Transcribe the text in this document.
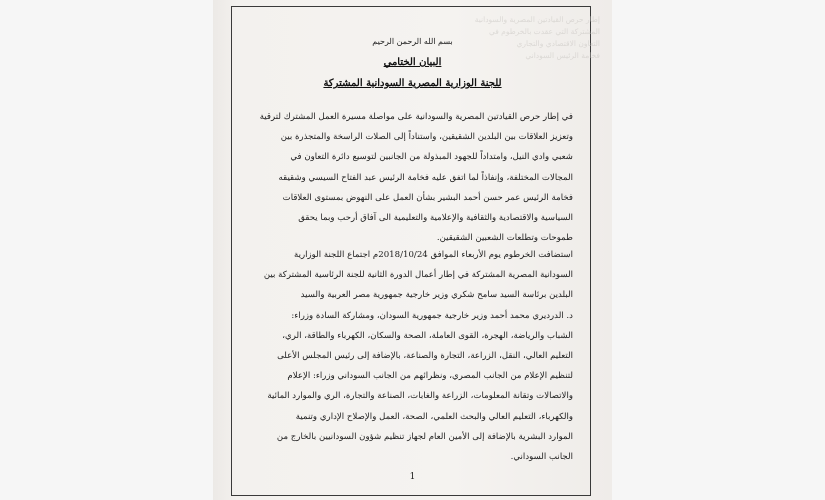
إطار حرص القيادتين المصرية والسودانية
المشتركة التي عقدت بالخرطوم في
التعاون الاقتصادي والتجاري
فخامة الرئيس السوداني
بسم الله الرحمن الرحيم
البيان الختامي
للجنة الوزارية المصرية السودانية المشتركة
في إطار حرص القيادتين المصرية والسودانية على مواصلة مسيرة العمل المشترك لترقية
وتعزيز العلاقات بين البلدين الشقيقين، واستناداً إلى الصلات الراسخة والمتجذرة بين
شعبي وادي النيل، وامتداداً للجهود المبذولة من الجانبين لتوسيع دائرة التعاون في
المجالات المختلفة، وإنفاذاً لما اتفق عليه فخامة الرئيس عبد الفتاح السيسي وشقيقه
فخامة الرئيس عمر حسن أحمد البشير بشأن العمل على النهوض بمستوى العلاقات
السياسية والاقتصادية والثقافية والإعلامية والتعليمية الى آفاق أرحب وبما يحقق
طموحات وتطلعات الشعبين الشقيقين.
استضافت الخرطوم يوم الأربعاء الموافق 2018/10/24م اجتماع اللجنة الوزارية
السودانية المصرية المشتركة في إطار أعمال الدورة الثانية للجنة الرئاسية المشتركة بين
البلدين برئاسة السيد سامح شكري وزير خارجية جمهورية مصر العربية والسيد
د. الدرديري محمد أحمد وزير خارجية جمهورية السودان، ومشاركة السادة وزراء:
الشباب والرياضة، الهجرة، القوى العاملة، الصحة والسكان، الكهرباء والطاقة، الري،
التعليم العالي، النقل، الزراعة، التجارة والصناعة، بالإضافة إلى رئيس المجلس الأعلى
لتنظيم الإعلام من الجانب المصري، ونظرائهم من الجانب السوداني وزراء: الإعلام
والاتصالات وتقانة المعلومات، الزراعة والغابات، الصناعة والتجارة، الري والموارد المائية
والكهرباء، التعليم العالي والبحث العلمي، الصحة، العمل والإصلاح الإداري وتنمية
الموارد البشرية بالإضافة إلى الأمين العام لجهاز تنظيم شؤون السودانيين بالخارج من
الجانب السوداني.
1
